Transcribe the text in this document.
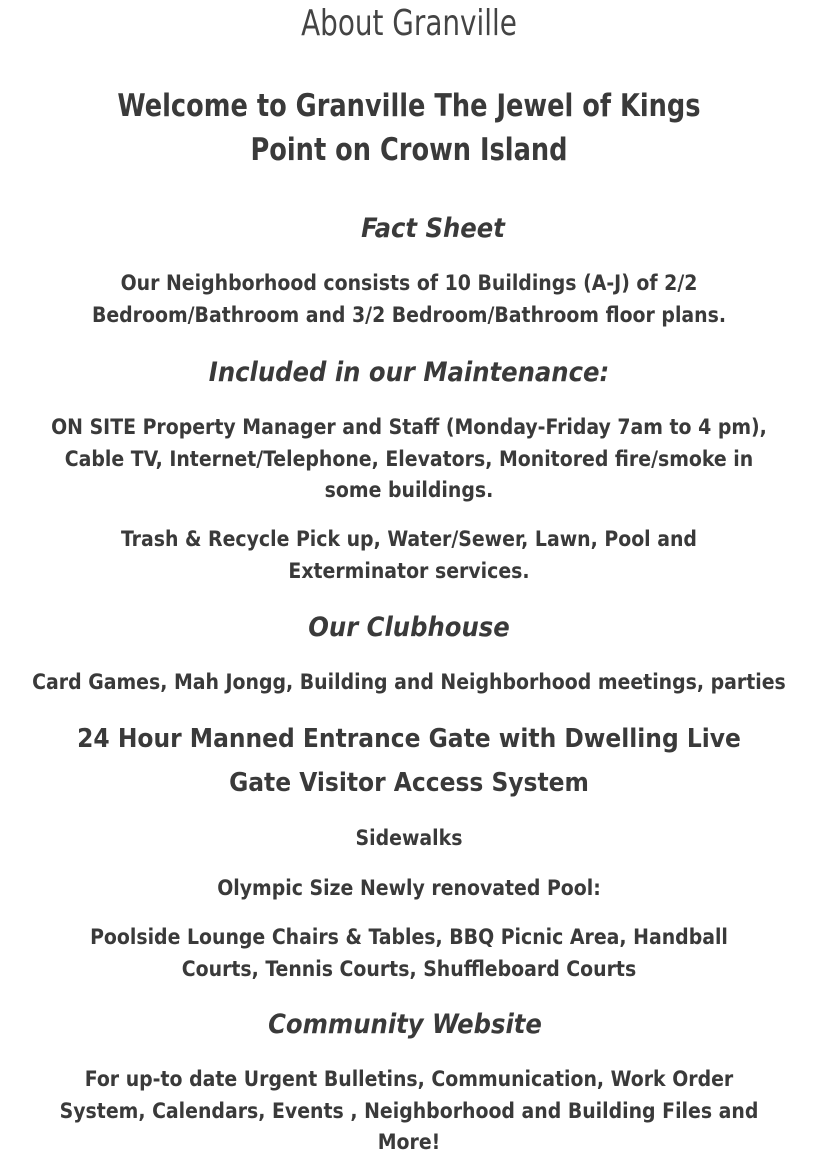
About Granville
Welcome to Granville The Jewel of Kings Point on Crown Island
Fact Sheet

Our Neighborhood consists of 10 Buildings (A-J) of 2/2 Bedroom/Bathroom and 3/2 Bedroom/Bathroom floor plans.

Included in our Maintenance:

ON SITE Property Manager and Staff (Monday-Friday 7am to 4 pm), Cable TV, Internet/Telephone, Elevators, Monitored fire/smoke in some buildings.

Trash & Recycle Pick up, Water/Sewer, Lawn, Pool and Exterminator services.

Our Clubhouse

Card Games, Mah Jongg, Building and Neighborhood meetings, parties

24 Hour Manned Entrance Gate with Dwelling Live Gate Visitor Access System

Sidewalks

Olympic Size Newly renovated Pool:

Poolside Lounge Chairs & Tables, BBQ Picnic Area, Handball Courts, Tennis Courts, Shuffleboard Courts

Community Website

For up-to date Urgent Bulletins, Communication, Work Order System, Calendars, Events , Neighborhood and Building Files and More!
